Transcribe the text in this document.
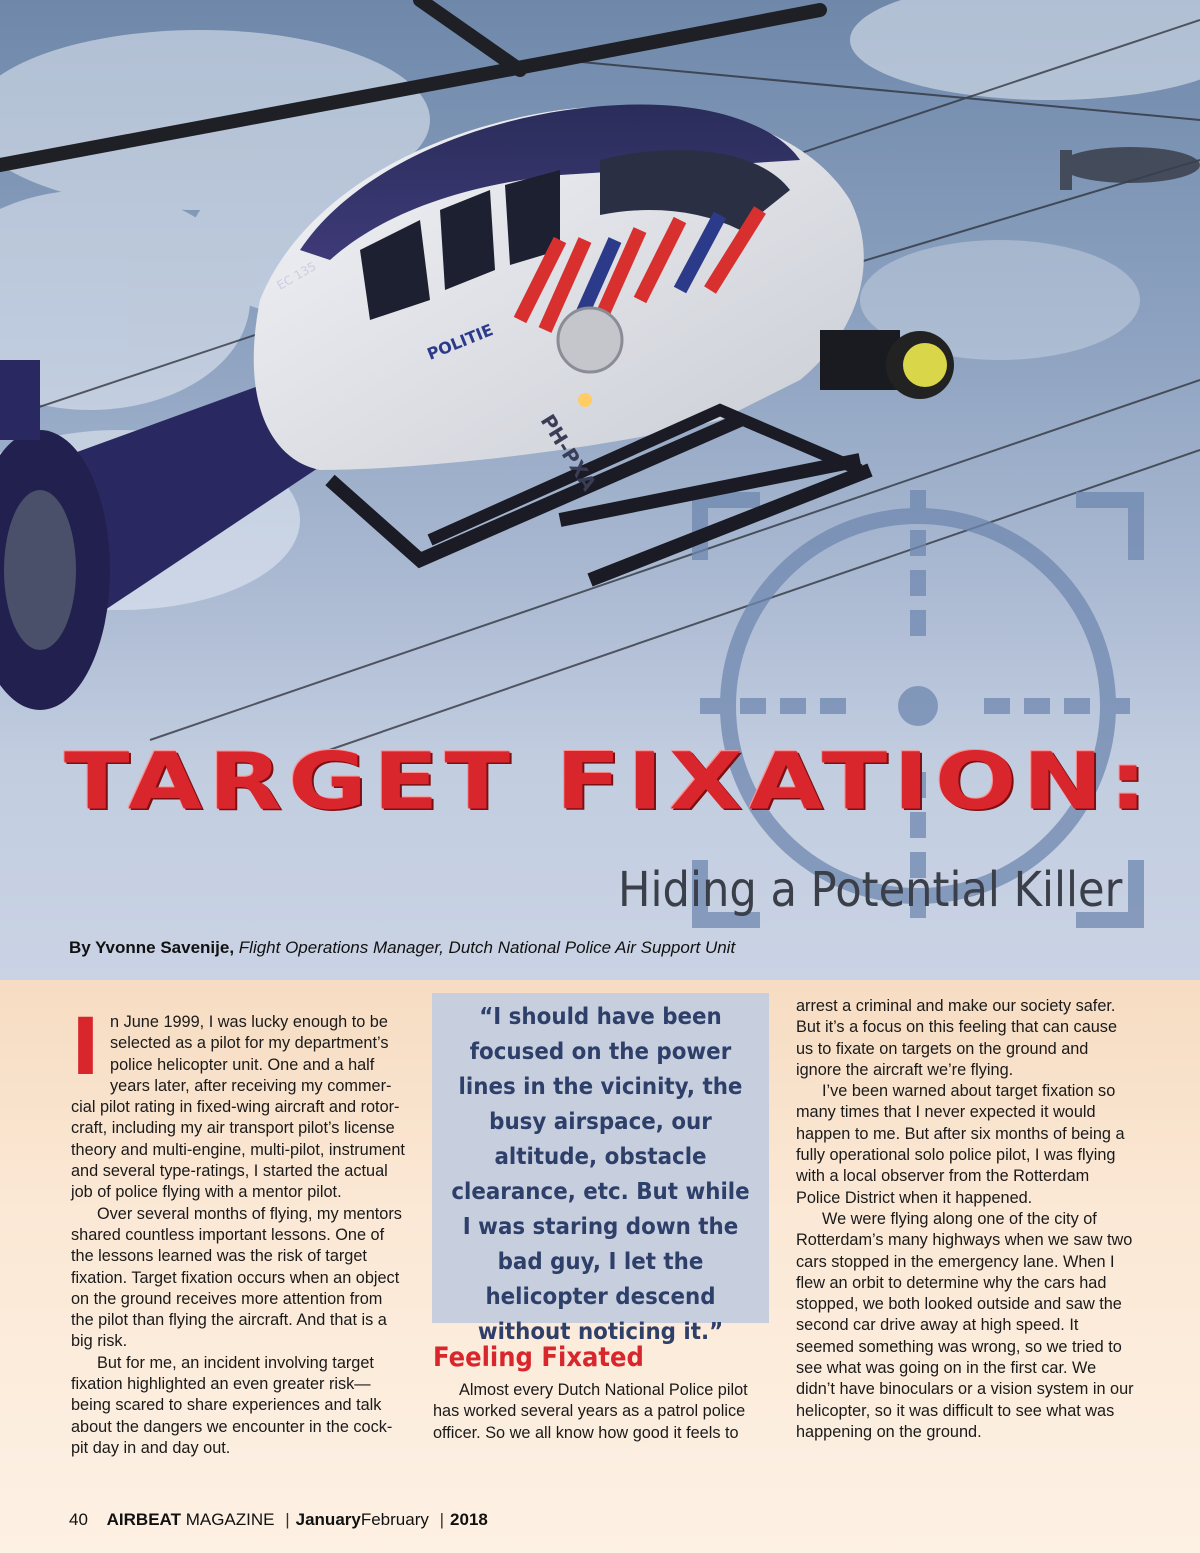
POLITIE
EC 135
PH-PXA
TARGET FIXATION:
Hiding a Potential Killer
By Yvonne Savenije, Flight Operations Manager, Dutch National Police Air Support Unit

In June 1999, I was lucky enough to be selected as a pilot for my department’s police helicopter unit. One and a half years later, after receiving my commer-cial pilot rating in fixed-wing aircraft and rotor-craft, including my air transport pilot’s license theory and multi-engine, multi-pilot, instrument and several type-ratings, I started the actual job of police flying with a mentor pilot.

Over several months of flying, my mentors shared countless important lessons. One of the lessons learned was the risk of target fixation. Target fixation occurs when an object on the ground receives more attention from the pilot than flying the aircraft. And that is a big risk.

But for me, an incident involving target fixation highlighted an even greater risk—being scared to share experiences and talk about the dangers we encounter in the cock-pit day in and day out.

“I should have been focused on the power lines in the vicinity, the busy airspace, our altitude, obstacle clearance, etc. But while I was staring down the bad guy, I let the helicopter descend without noticing it.”
Feeling Fixated

Almost every Dutch National Police pilot has worked several years as a patrol police officer. So we all know how good it feels to

arrest a criminal and make our society safer. But it’s a focus on this feeling that can cause us to fixate on targets on the ground and ignore the aircraft we’re flying.

I’ve been warned about target fixation so many times that I never expected it would happen to me. But after six months of being a fully operational solo police pilot, I was flying with a local observer from the Rotterdam Police District when it happened.

We were flying along one of the city of Rotterdam’s many highways when we saw two cars stopped in the emergency lane. When I flew an orbit to determine why the cars had stopped, we both looked outside and saw the second car drive away at high speed. It seemed something was wrong, so we tried to see what was going on in the first car. We didn’t have binoculars or a vision system in our helicopter, so it was difficult to see what was happening on the ground.

40 AIRBEAT MAGAZINE | JanuaryFebruary | 2018
